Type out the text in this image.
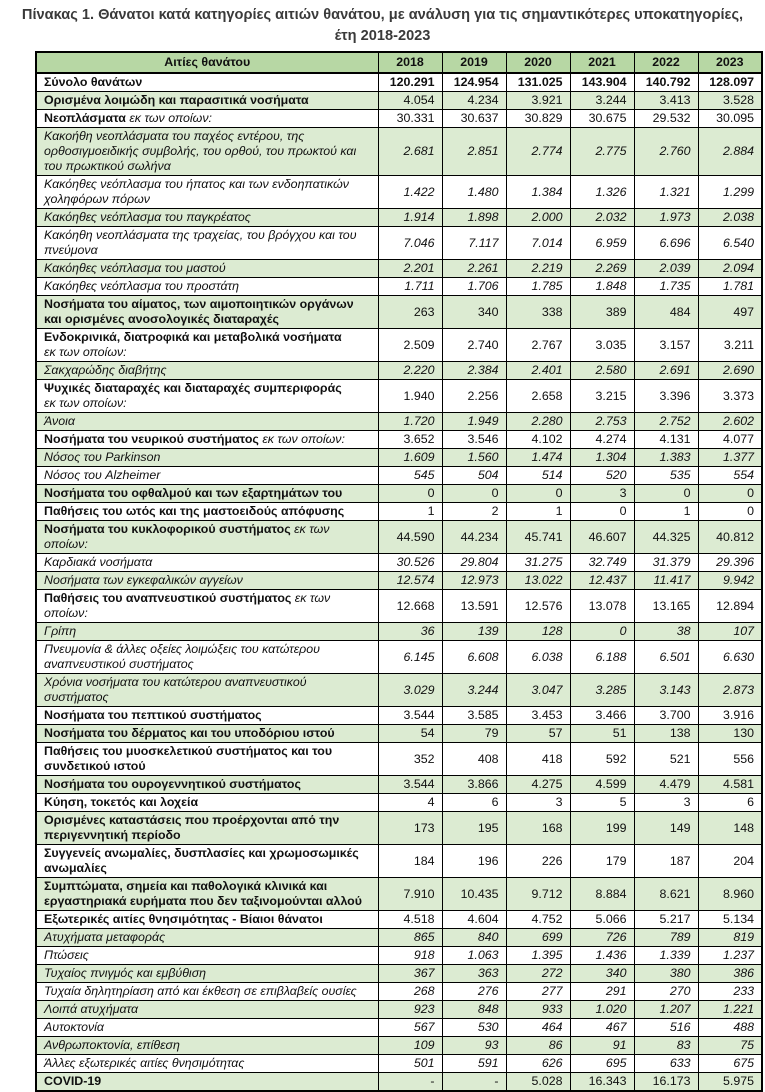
Πίνακας 1. Θάνατοι κατά κατηγορίες αιτιών θανάτου, με ανάλυση για τις σημαντικότερες υποκατηγορίες,
έτη 2018-2023
Αιτίες θανάτου	2018	2019	2020	2021	2022	2023
Σύνολο θανάτων	120.291	124.954	131.025	143.904	140.792	128.097
Ορισμένα λοιμώδη και παρασιτικά νοσήματα	4.054	4.234	3.921	3.244	3.413	3.528
Νεοπλάσματα εκ των οποίων:	30.331	30.637	30.829	30.675	29.532	30.095
Κακοήθη νεοπλάσματα του παχέος εντέρου, της ορθοσιγμοειδικής συμβολής, του ορθού, του πρωκτού και του πρωκτικού σωλήνα	2.681	2.851	2.774	2.775	2.760	2.884
Κακόηθες νεόπλασμα του ήπατος και των ενδοηπατικών χοληφόρων πόρων	1.422	1.480	1.384	1.326	1.321	1.299
Κακόηθες νεόπλασμα του παγκρέατος	1.914	1.898	2.000	2.032	1.973	2.038
Κακόηθη νεοπλάσματα της τραχείας, του βρόγχου και του πνεύμονα	7.046	7.117	7.014	6.959	6.696	6.540
Κακόηθες νεόπλασμα του μαστού	2.201	2.261	2.219	2.269	2.039	2.094
Κακόηθες νεόπλασμα του προστάτη	1.711	1.706	1.785	1.848	1.735	1.781
Νοσήματα του αίματος, των αιμοποιητικών οργάνων και ορισμένες ανοσολογικές διαταραχές	263	340	338	389	484	497
Ενδοκρινικά, διατροφικά και μεταβολικά νοσήματα
εκ των οποίων:	2.509	2.740	2.767	3.035	3.157	3.211
Σακχαρώδης διαβήτης	2.220	2.384	2.401	2.580	2.691	2.690
Ψυχικές διαταραχές και διαταραχές συμπεριφοράς
εκ των οποίων:	1.940	2.256	2.658	3.215	3.396	3.373
Άνοια	1.720	1.949	2.280	2.753	2.752	2.602
Νοσήματα του νευρικού συστήματος εκ των οποίων:	3.652	3.546	4.102	4.274	4.131	4.077
Νόσος του Parkinson	1.609	1.560	1.474	1.304	1.383	1.377
Νόσος του Alzheimer	545	504	514	520	535	554
Νοσήματα του οφθαλμού και των εξαρτημάτων του	0	0	0	3	0	0
Παθήσεις του ωτός και της μαστοειδούς απόφυσης	1	2	1	0	1	0
Νοσήματα του κυκλοφορικού συστήματος εκ των οποίων:	44.590	44.234	45.741	46.607	44.325	40.812
Καρδιακά νοσήματα	30.526	29.804	31.275	32.749	31.379	29.396
Νοσήματα των εγκεφαλικών αγγείων	12.574	12.973	13.022	12.437	11.417	9.942
Παθήσεις του αναπνευστικού συστήματος εκ των οποίων:	12.668	13.591	12.576	13.078	13.165	12.894
Γρίπη	36	139	128	0	38	107
Πνευμονία & άλλες οξείες λοιμώξεις του κατώτερου αναπνευστικού συστήματος	6.145	6.608	6.038	6.188	6.501	6.630
Χρόνια νοσήματα του κατώτερου αναπνευστικού συστήματος	3.029	3.244	3.047	3.285	3.143	2.873
Νοσήματα του πεπτικού συστήματος	3.544	3.585	3.453	3.466	3.700	3.916
Νοσήματα του δέρματος και του υποδόριου ιστού	54	79	57	51	138	130
Παθήσεις του μυοσκελετικού συστήματος και του συνδετικού ιστού	352	408	418	592	521	556
Νοσήματα του ουρογεννητικού συστήματος	3.544	3.866	4.275	4.599	4.479	4.581
Κύηση, τοκετός και λοχεία	4	6	3	5	3	6
Ορισμένες καταστάσεις που προέρχονται από την περιγεννητική περίοδο	173	195	168	199	149	148
Συγγενείς ανωμαλίες, δυσπλασίες και χρωμοσωμικές ανωμαλίες	184	196	226	179	187	204
Συμπτώματα, σημεία και παθολογικά κλινικά και εργαστηριακά ευρήματα που δεν ταξινομούνται αλλού	7.910	10.435	9.712	8.884	8.621	8.960
Εξωτερικές αιτίες θνησιμότητας - Βίαιοι θάνατοι	4.518	4.604	4.752	5.066	5.217	5.134
Ατυχήματα μεταφοράς	865	840	699	726	789	819
Πτώσεις	918	1.063	1.395	1.436	1.339	1.237
Τυχαίος πνιγμός και εμβύθιση	367	363	272	340	380	386
Τυχαία δηλητηρίαση από και έκθεση σε επιβλαβείς ουσίες	268	276	277	291	270	233
Λοιπά ατυχήματα	923	848	933	1.020	1.207	1.221
Αυτοκτονία	567	530	464	467	516	488
Ανθρωποκτονία, επίθεση	109	93	86	91	83	75
Άλλες εξωτερικές αιτίες θνησιμότητας	501	591	626	695	633	675
COVID-19	-	-	5.028	16.343	16.173	5.975
